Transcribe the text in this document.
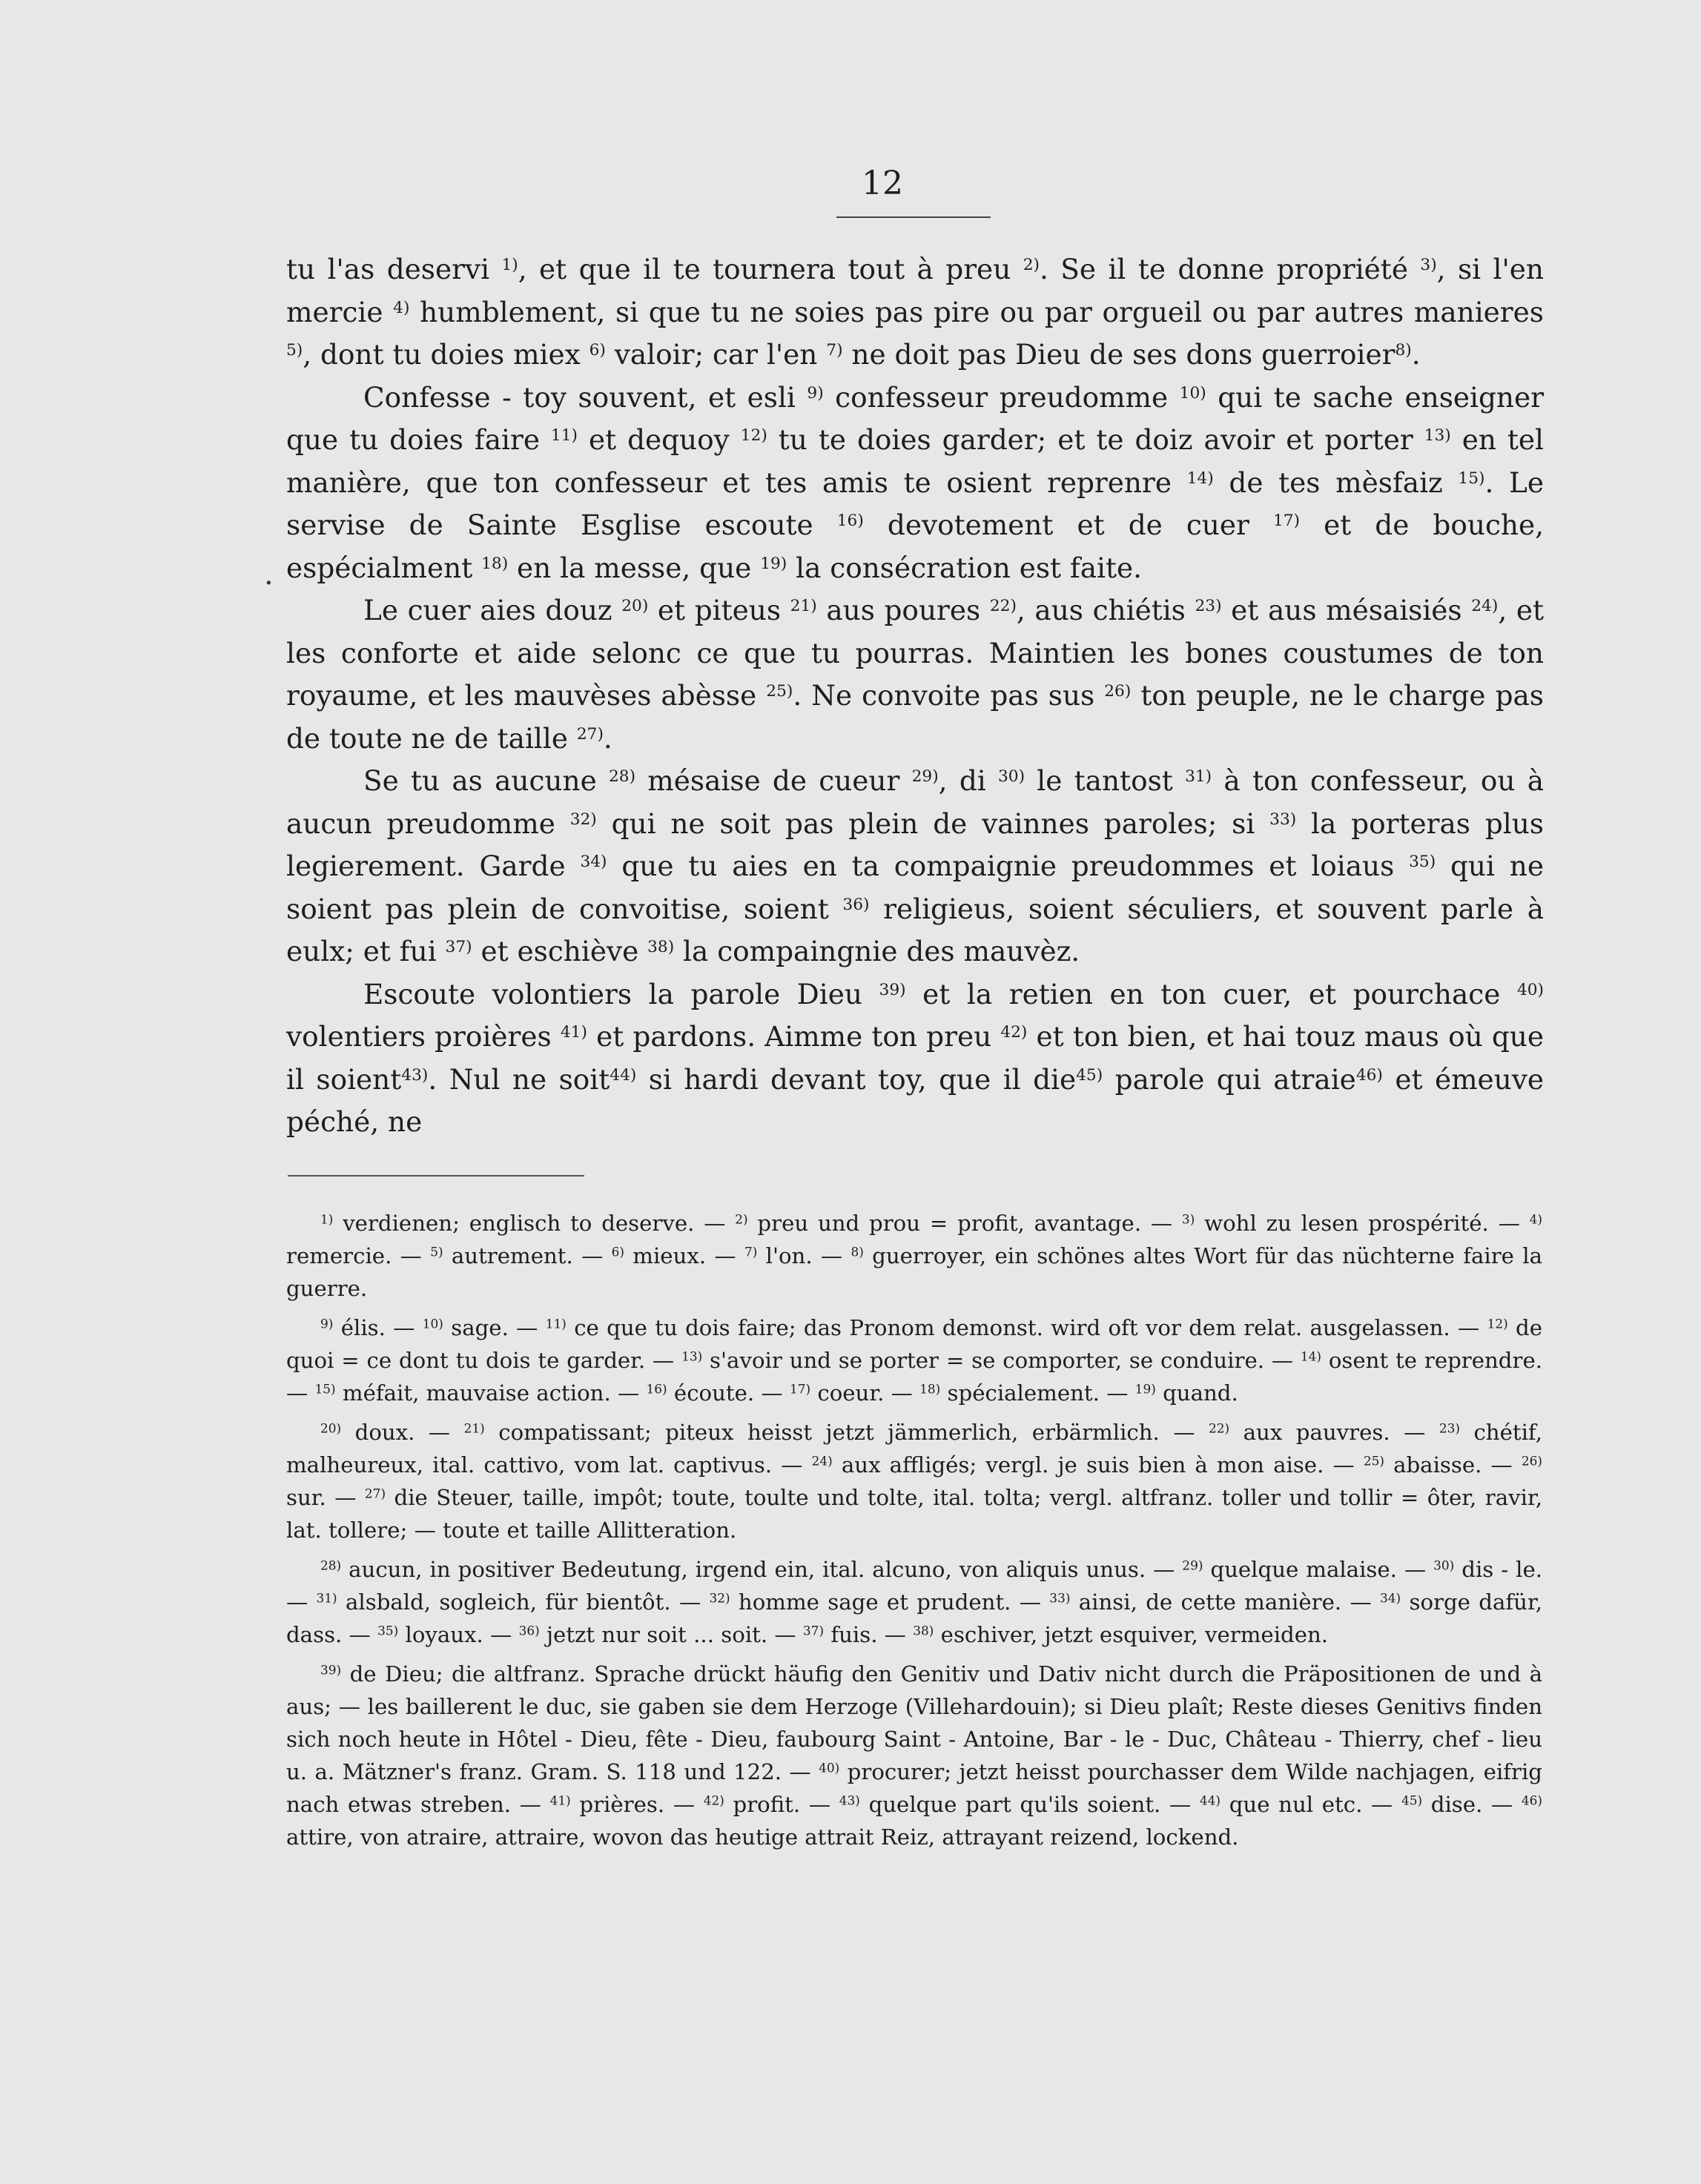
12
.

tu l'as deservi $^{1)}$, et que il te tournera tout à preu $^{2)}$. Se il te donne propriété $^{3)}$, si l'en mercie $^{4)}$ humblement, si que tu ne soies pas pire ou par orgueil ou par autres manieres $^{5)}$, dont tu doies miex $^{6)}$ valoir; car l'en $^{7)}$ ne doit pas Dieu de ses dons guerroier$^{8)}$.

Confesse - toy souvent, et esli $^{9)}$ confesseur preudomme $^{10)}$ qui te sache enseigner que tu doies faire $^{11)}$ et dequoy $^{12)}$ tu te doies garder; et te doiz avoir et porter $^{13)}$ en tel manière, que ton confesseur et tes amis te osient reprenre $^{14)}$ de tes mèsfaiz $^{15)}$. Le servise de Sainte Esglise escoute $^{16)}$ devotement et de cuer $^{17)}$ et de bouche, espécialment $^{18)}$ en la messe, que $^{19)}$ la consécration est faite.

Le cuer aies douz $^{20)}$ et piteus $^{21)}$ aus poures $^{22)}$, aus chiétis $^{23)}$ et aus mésaisiés $^{24)}$, et les conforte et aide selonc ce que tu pourras. Maintien les bones coustumes de ton royaume, et les mauvèses abèsse $^{25)}$. Ne convoite pas sus $^{26)}$ ton peuple, ne le charge pas de toute ne de taille $^{27)}$.

Se tu as aucune $^{28)}$ mésaise de cueur $^{29)}$, di $^{30)}$ le tantost $^{31)}$ à ton confesseur, ou à aucun preudomme $^{32)}$ qui ne soit pas plein de vainnes paroles; si $^{33)}$ la porteras plus legierement. Garde $^{34)}$ que tu aies en ta compaignie preudommes et loiaus $^{35)}$ qui ne soient pas plein de convoitise, soient $^{36)}$ religieus, soient séculiers, et souvent parle à eulx; et fui $^{37)}$ et eschiève $^{38)}$ la compaingnie des mauvèz.

Escoute volontiers la parole Dieu $^{39)}$ et la retien en ton cuer, et pourchace $^{40)}$ volentiers proières $^{41)}$ et pardons. Aimme ton preu $^{42)}$ et ton bien, et hai touz maus où que il soient$^{43)}$. Nul ne soit$^{44)}$ si hardi devant toy, que il die$^{45)}$ parole qui atraie$^{46)}$ et émeuve péché, ne

$^{1)}$ verdienen; englisch to deserve. — $^{2)}$ preu und prou = profit, avantage. — $^{3)}$ wohl zu lesen prospérité. — $^{4)}$ remercie. — $^{5)}$ autrement. — $^{6)}$ mieux. — $^{7)}$ l'on. — $^{8)}$ guerroyer, ein schönes altes Wort für das nüchterne faire la guerre.

$^{9)}$ élis. — $^{10)}$ sage. — $^{11)}$ ce que tu dois faire; das Pronom demonst. wird oft vor dem relat. ausgelassen. — $^{12)}$ de quoi = ce dont tu dois te garder. — $^{13)}$ s'avoir und se porter = se comporter, se conduire. — $^{14)}$ osent te reprendre. — $^{15)}$ méfait, mauvaise action. — $^{16)}$ écoute. — $^{17)}$ coeur. — $^{18)}$ spécialement. — $^{19)}$ quand.

$^{20)}$ doux. — $^{21)}$ compatissant; piteux heisst jetzt jämmerlich, erbärmlich. — $^{22)}$ aux pauvres. — $^{23)}$ chétif, malheureux, ital. cattivo, vom lat. captivus. — $^{24)}$ aux affligés; vergl. je suis bien à mon aise. — $^{25)}$ abaisse. — $^{26)}$ sur. — $^{27)}$ die Steuer, taille, impôt; toute, toulte und tolte, ital. tolta; vergl. altfranz. toller und tollir = ôter, ravir, lat. tollere; — toute et taille Allitteration.

$^{28)}$ aucun, in positiver Bedeutung, irgend ein, ital. alcuno, von aliquis unus. — $^{29)}$ quelque malaise. — $^{30)}$ dis - le. — $^{31)}$ alsbald, sogleich, für bientôt. — $^{32)}$ homme sage et prudent. — $^{33)}$ ainsi, de cette manière. — $^{34)}$ sorge dafür, dass. — $^{35)}$ loyaux. — $^{36)}$ jetzt nur soit ... soit. — $^{37)}$ fuis. — $^{38)}$ eschiver, jetzt esquiver, vermeiden.

$^{39)}$ de Dieu; die altfranz. Sprache drückt häufig den Genitiv und Dativ nicht durch die Präpositionen de und à aus; — les baillerent le duc, sie gaben sie dem Herzoge (Villehardouin); si Dieu plaît; Reste dieses Genitivs finden sich noch heute in Hôtel - Dieu, fête - Dieu, faubourg Saint - Antoine, Bar - le - Duc, Château - Thierry, chef - lieu u. a. Mätzner's franz. Gram. S. 118 und 122. — $^{40)}$ procurer; jetzt heisst pourchasser dem Wilde nachjagen, eifrig nach etwas streben. — $^{41)}$ prières. — $^{42)}$ profit. — $^{43)}$ quelque part qu'ils soient. — $^{44)}$ que nul etc. — $^{45)}$ dise. — $^{46)}$ attire, von atraire, attraire, wovon das heutige attrait Reiz, attrayant reizend, lockend.
